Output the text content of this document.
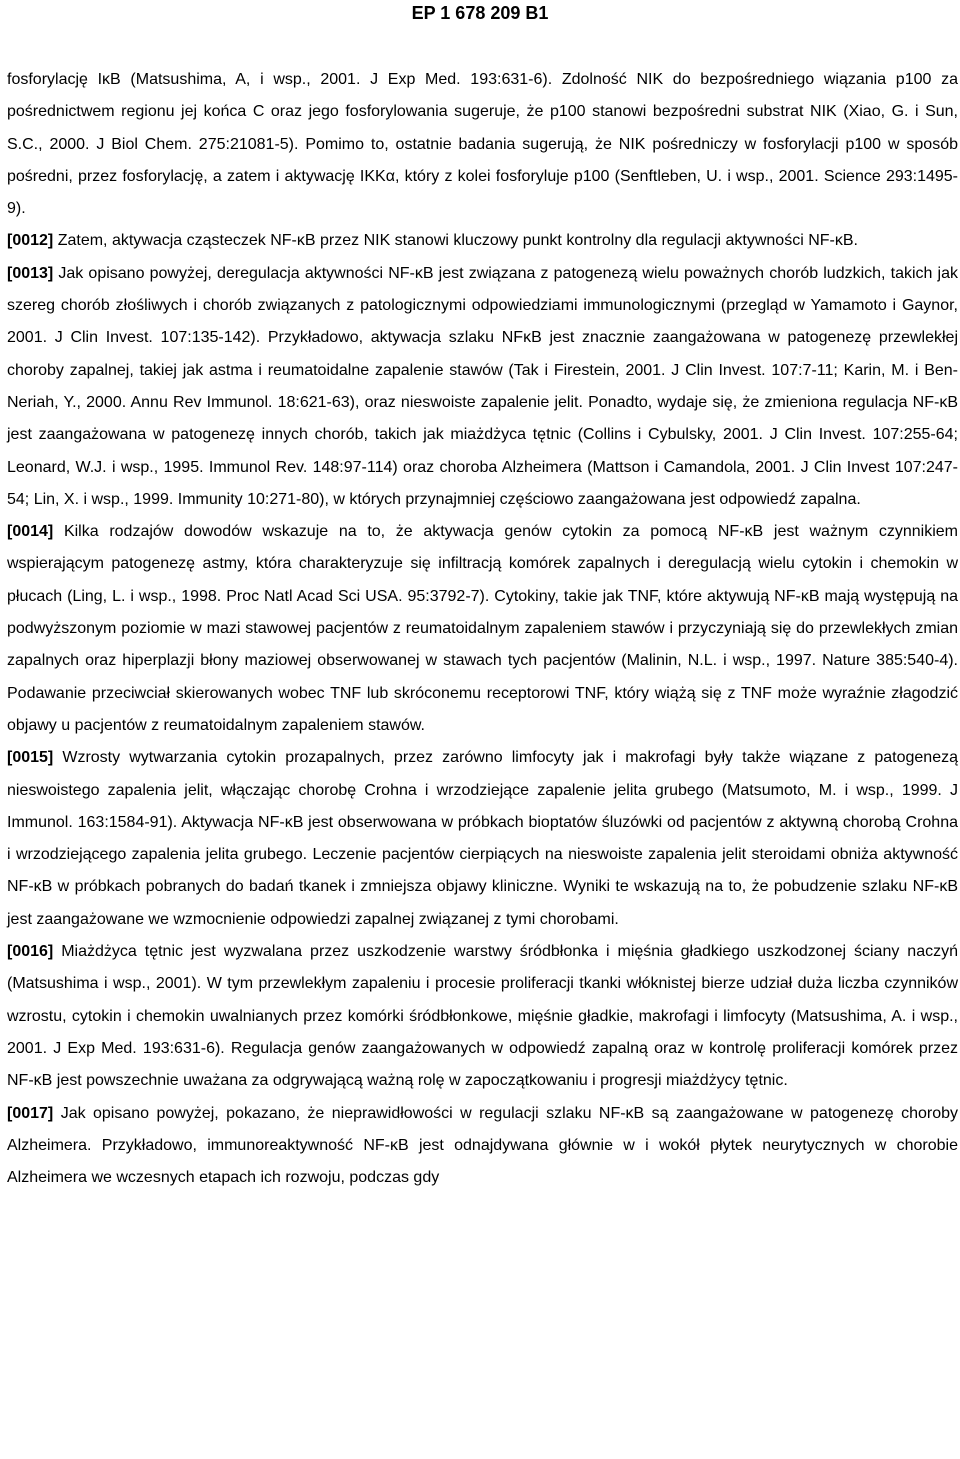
EP 1 678 209 B1

fosforylację IκB (Matsushima, A, i wsp., 2001. J Exp Med. 193:631-6). Zdolność NIK do bezpośredniego wiązania p100 za pośrednictwem regionu jej końca C oraz jego fosforylowania sugeruje, że p100 stanowi bezpośredni substrat NIK (Xiao, G. i Sun, S.C., 2000. J Biol Chem. 275:21081-5). Pomimo to, ostatnie badania sugerują, że NIK pośredniczy w fosforylacji p100 w sposób pośredni, przez fosforylację, a zatem i aktywację IKKα, który z kolei fosforyluje p100 (Senftleben, U. i wsp., 2001. Science 293:1495-9).

[0012] Zatem, aktywacja cząsteczek NF-κB przez NIK stanowi kluczowy punkt kontrolny dla regulacji aktywności NF-κB.

[0013] Jak opisano powyżej, deregulacja aktywności NF-κB jest związana z patogenezą wielu poważnych chorób ludzkich, takich jak szereg chorób złośliwych i chorób związanych z patologicznymi odpowiedziami immunologicznymi (przegląd w Yamamoto i Gaynor, 2001. J Clin Invest. 107:135-142). Przykładowo, aktywacja szlaku NFκB jest znacznie zaangażowana w patogenezę przewlekłej choroby zapalnej, takiej jak astma i reumatoidalne zapalenie stawów (Tak i Firestein, 2001. J Clin Invest. 107:7-11; Karin, M. i Ben-Neriah, Y., 2000. Annu Rev Immunol. 18:621-63), oraz nieswoiste zapalenie jelit. Ponadto, wydaje się, że zmieniona regulacja NF-κB jest zaangażowana w patogenezę innych chorób, takich jak miażdżyca tętnic (Collins i Cybulsky, 2001. J Clin Invest. 107:255-64; Leonard, W.J. i wsp., 1995. Immunol Rev. 148:97-114) oraz choroba Alzheimera (Mattson i Camandola, 2001. J Clin Invest 107:247-54; Lin, X. i wsp., 1999. Immunity 10:271-80), w których przynajmniej częściowo zaangażowana jest odpowiedź zapalna.

[0014] Kilka rodzajów dowodów wskazuje na to, że aktywacja genów cytokin za pomocą NF-κB jest ważnym czynnikiem wspierającym patogenezę astmy, która charakteryzuje się infiltracją komórek zapalnych i deregulacją wielu cytokin i chemokin w płucach (Ling, L. i wsp., 1998. Proc Natl Acad Sci USA. 95:3792-7). Cytokiny, takie jak TNF, które aktywują NF-κB mają występują na podwyższonym poziomie w mazi stawowej pacjentów z reumatoidalnym zapaleniem stawów i przyczyniają się do przewlekłych zmian zapalnych oraz hiperplazji błony maziowej obserwowanej w stawach tych pacjentów (Malinin, N.L. i wsp., 1997. Nature 385:540-4). Podawanie przeciwciał skierowanych wobec TNF lub skróconemu receptorowi TNF, który wiążą się z TNF może wyraźnie złagodzić objawy u pacjentów z reumatoidalnym zapaleniem stawów.

[0015] Wzrosty wytwarzania cytokin prozapalnych, przez zarówno limfocyty jak i makrofagi były także wiązane z patogenezą nieswoistego zapalenia jelit, włączając chorobę Crohna i wrzodziejące zapalenie jelita grubego (Matsumoto, M. i wsp., 1999. J Immunol. 163:1584-91). Aktywacja NF-κB jest obserwowana w próbkach bioptatów śluzówki od pacjentów z aktywną chorobą Crohna i wrzodziejącego zapalenia jelita grubego. Leczenie pacjentów cierpiących na nieswoiste zapalenia jelit steroidami obniża aktywność NF-κB w próbkach pobranych do badań tkanek i zmniejsza objawy kliniczne. Wyniki te wskazują na to, że pobudzenie szlaku NF-κB jest zaangażowane we wzmocnienie odpowiedzi zapalnej związanej z tymi chorobami.

[0016] Miażdżyca tętnic jest wyzwalana przez uszkodzenie warstwy śródbłonka i mięśnia gładkiego uszkodzonej ściany naczyń (Matsushima i wsp., 2001). W tym przewlekłym zapaleniu i procesie proliferacji tkanki włóknistej bierze udział duża liczba czynników wzrostu, cytokin i chemokin uwalnianych przez komórki śródbłonkowe, mięśnie gładkie, makrofagi i limfocyty (Matsushima, A. i wsp., 2001. J Exp Med. 193:631-6). Regulacja genów zaangażowanych w odpowiedź zapalną oraz w kontrolę proliferacji komórek przez NF-κB jest powszechnie uważana za odgrywającą ważną rolę w zapoczątkowaniu i progresji miażdżycy tętnic.

[0017] Jak opisano powyżej, pokazano, że nieprawidłowości w regulacji szlaku NF-κB są zaangażowane w patogenezę choroby Alzheimera. Przykładowo, immunoreaktywność NF-κB jest odnajdywana głównie w i wokół płytek neurytycznych w chorobie Alzheimera we wczesnych etapach ich rozwoju, podczas gdy
